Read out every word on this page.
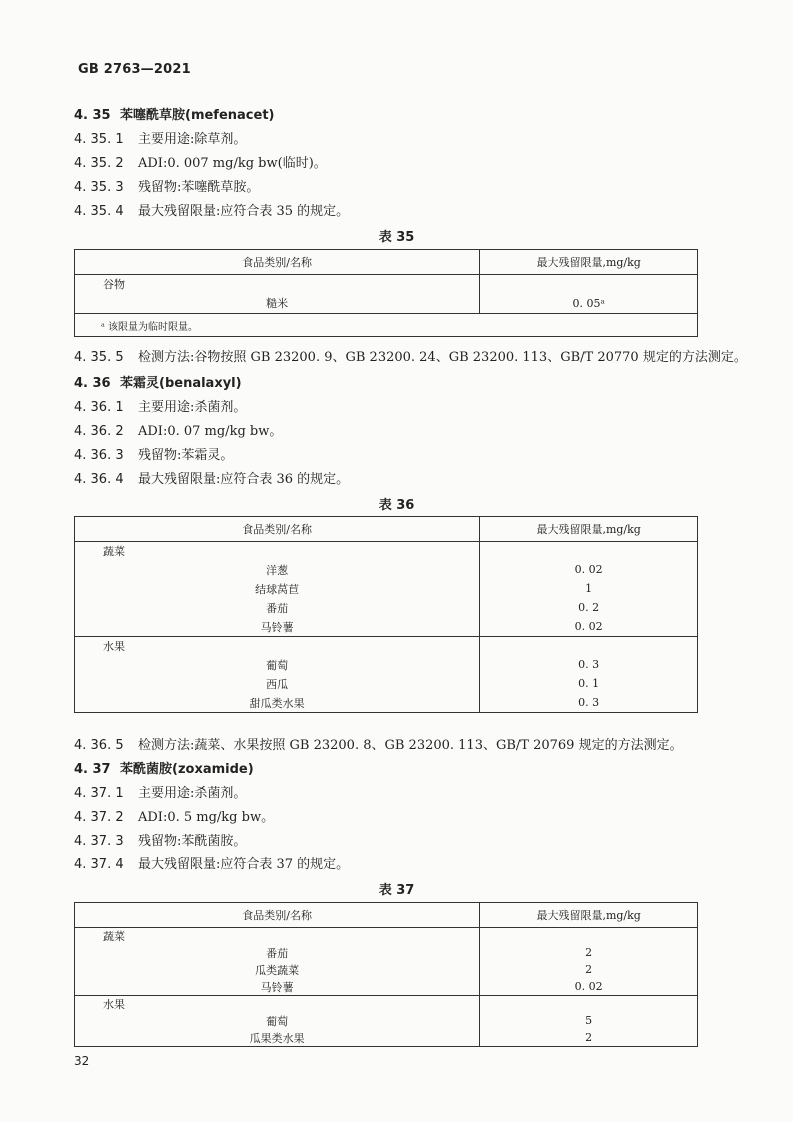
GB 2763—2021
4. 35 苯噻酰草胺(mefenacet)
4. 35. 1 主要用途:除草剂。
4. 35. 2 ADI:0. 007 mg/kg bw(临时)。
4. 35. 3 残留物:苯噻酰草胺。
4. 35. 4 最大残留限量:应符合表 35 的规定。
表 35
食品类别/名称	最大残留限量,mg/kg
谷物	
糙米	0. 05ᵃ
ᵃ 该限量为临时限量。	
4. 35. 5 检测方法:谷物按照 GB 23200. 9、GB 23200. 24、GB 23200. 113、GB/T 20770 规定的方法测定。
4. 36 苯霜灵(benalaxyl)
4. 36. 1 主要用途:杀菌剂。
4. 36. 2 ADI:0. 07 mg/kg bw。
4. 36. 3 残留物:苯霜灵。
4. 36. 4 最大残留限量:应符合表 36 的规定。
表 36
食品类别/名称	最大残留限量,mg/kg
蔬菜	
洋葱	0. 02
结球莴苣	1
番茄	0. 2
马铃薯	0. 02
水果	
葡萄	0. 3
西瓜	0. 1
甜瓜类水果	0. 3
4. 36. 5 检测方法:蔬菜、水果按照 GB 23200. 8、GB 23200. 113、GB/T 20769 规定的方法测定。
4. 37 苯酰菌胺(zoxamide)
4. 37. 1 主要用途:杀菌剂。
4. 37. 2 ADI:0. 5 mg/kg bw。
4. 37. 3 残留物:苯酰菌胺。
4. 37. 4 最大残留限量:应符合表 37 的规定。
表 37
食品类别/名称	最大残留限量,mg/kg
蔬菜	
番茄	2
瓜类蔬菜	2
马铃薯	0. 02
水果	
葡萄	5
瓜果类水果	2
32
